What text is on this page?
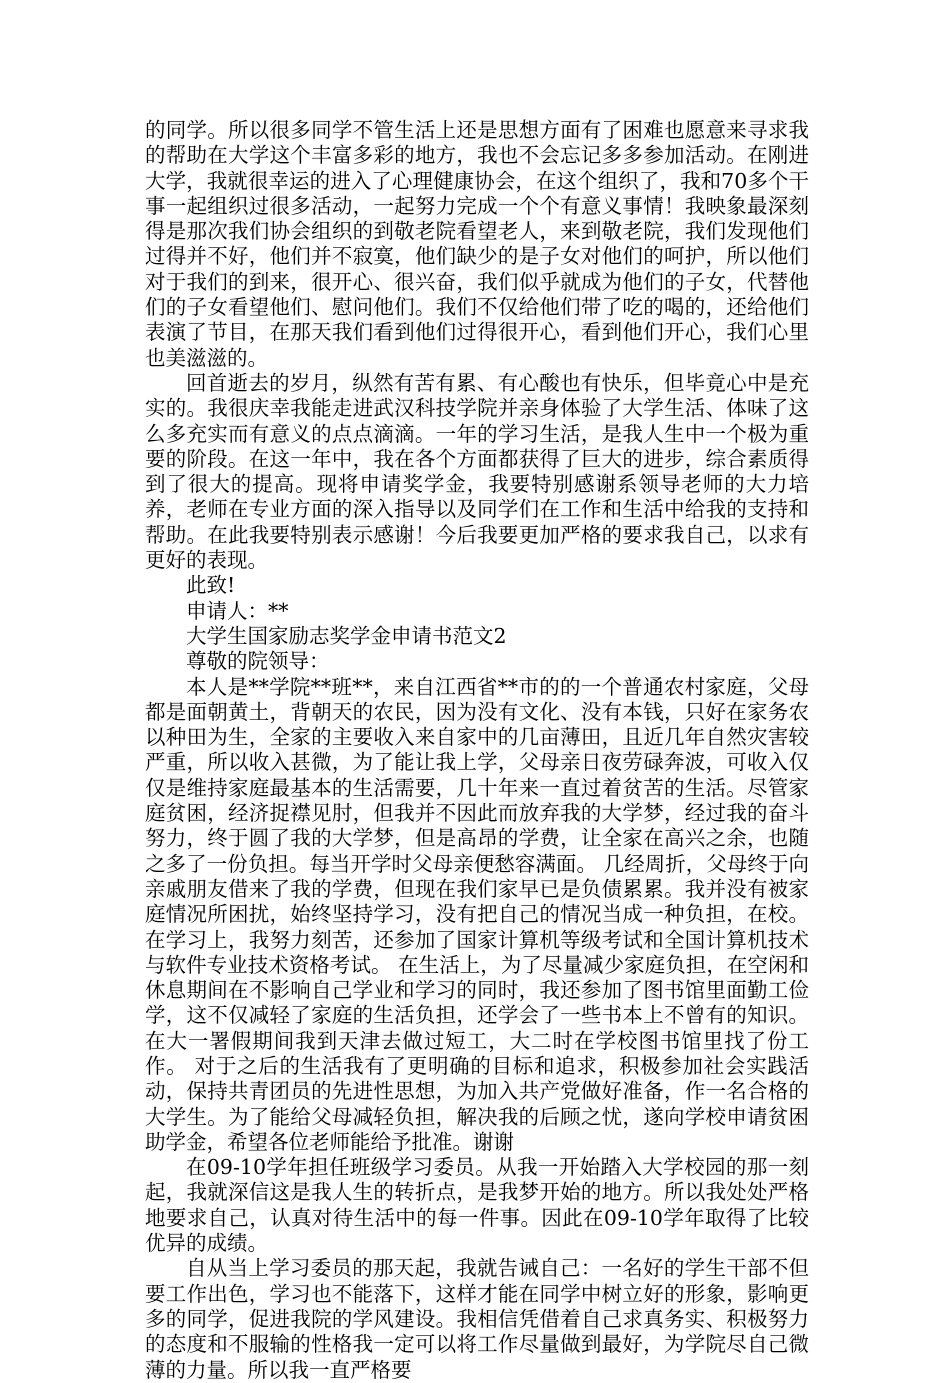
的同学。所以很多同学不管生活上还是思想方面有了困难也愿意来寻求我的帮助在大学这个丰富多彩的地方，我也不会忘记多多参加活动。在刚进大学，我就很幸运的进入了心理健康协会，在这个组织了，我和70多个干事一起组织过很多活动，一起努力完成一个个有意义事情！我映象最深刻得是那次我们协会组织的到敬老院看望老人，来到敬老院，我们发现他们过得并不好，他们并不寂寞，他们缺少的是子女对他们的呵护，所以他们对于我们的到来，很开心、很兴奋，我们似乎就成为他们的子女，代替他们的子女看望他们、慰问他们。我们不仅给他们带了吃的喝的，还给他们表演了节目，在那天我们看到他们过得很开心，看到他们开心，我们心里也美滋滋的。

回首逝去的岁月，纵然有苦有累、有心酸也有快乐，但毕竟心中是充实的。我很庆幸我能走进武汉科技学院并亲身体验了大学生活、体味了这么多充实而有意义的点点滴滴。一年的学习生活，是我人生中一个极为重要的阶段。在这一年中，我在各个方面都获得了巨大的进步，综合素质得到了很大的提高。现将申请奖学金，我要特别感谢系领导老师的大力培养，老师在专业方面的深入指导以及同学们在工作和生活中给我的支持和帮助。在此我要特别表示感谢！今后我要更加严格的要求我自己，以求有更好的表现。

此致!

申请人：**

大学生国家励志奖学金申请书范文2

尊敬的院领导：

本人是**学院**班**，来自江西省**市的的一个普通农村家庭，父母都是面朝黄土，背朝天的农民，因为没有文化、没有本钱，只好在家务农以种田为生，全家的主要收入来自家中的几亩薄田，且近几年自然灾害较严重，所以收入甚微，为了能让我上学，父母亲日夜劳碌奔波，可收入仅仅是维持家庭最基本的生活需要，几十年来一直过着贫苦的生活。尽管家庭贫困，经济捉襟见肘，但我并不因此而放弃我的大学梦，经过我的奋斗努力，终于圆了我的大学梦，但是高昂的学费，让全家在高兴之余，也随之多了一份负担。每当开学时父母亲便愁容满面。 几经周折，父母终于向亲戚朋友借来了我的学费，但现在我们家早已是负债累累。我并没有被家庭情况所困扰，始终坚持学习，没有把自己的情况当成一种负担，在校。在学习上，我努力刻苦，还参加了国家计算机等级考试和全国计算机技术与软件专业技术资格考试。 在生活上，为了尽量减少家庭负担，在空闲和休息期间在不影响自己学业和学习的同时，我还参加了图书馆里面勤工俭学，这不仅减轻了家庭的生活负担，还学会了一些书本上不曾有的知识。在大一署假期间我到天津去做过短工，大二时在学校图书馆里找了份工作。 对于之后的生活我有了更明确的目标和追求，积极参加社会实践活动，保持共青团员的先进性思想，为加入共产党做好准备，作一名合格的大学生。为了能给父母减轻负担，解决我的后顾之忧，遂向学校申请贫困助学金，希望各位老师能给予批准。谢谢

在09-10学年担任班级学习委员。从我一开始踏入大学校园的那一刻起，我就深信这是我人生的转折点，是我梦开始的地方。所以我处处严格地要求自己，认真对待生活中的每一件事。因此在09-10学年取得了比较优异的成绩。

自从当上学习委员的那天起，我就告诫自己：一名好的学生干部不但要工作出色，学习也不能落下，这样才能在同学中树立好的形象，影响更多的同学，促进我院的学风建设。我相信凭借着自己求真务实、积极努力的态度和不服输的性格我一定可以将工作尽量做到最好，为学院尽自己微薄的力量。所以我一直严格要
